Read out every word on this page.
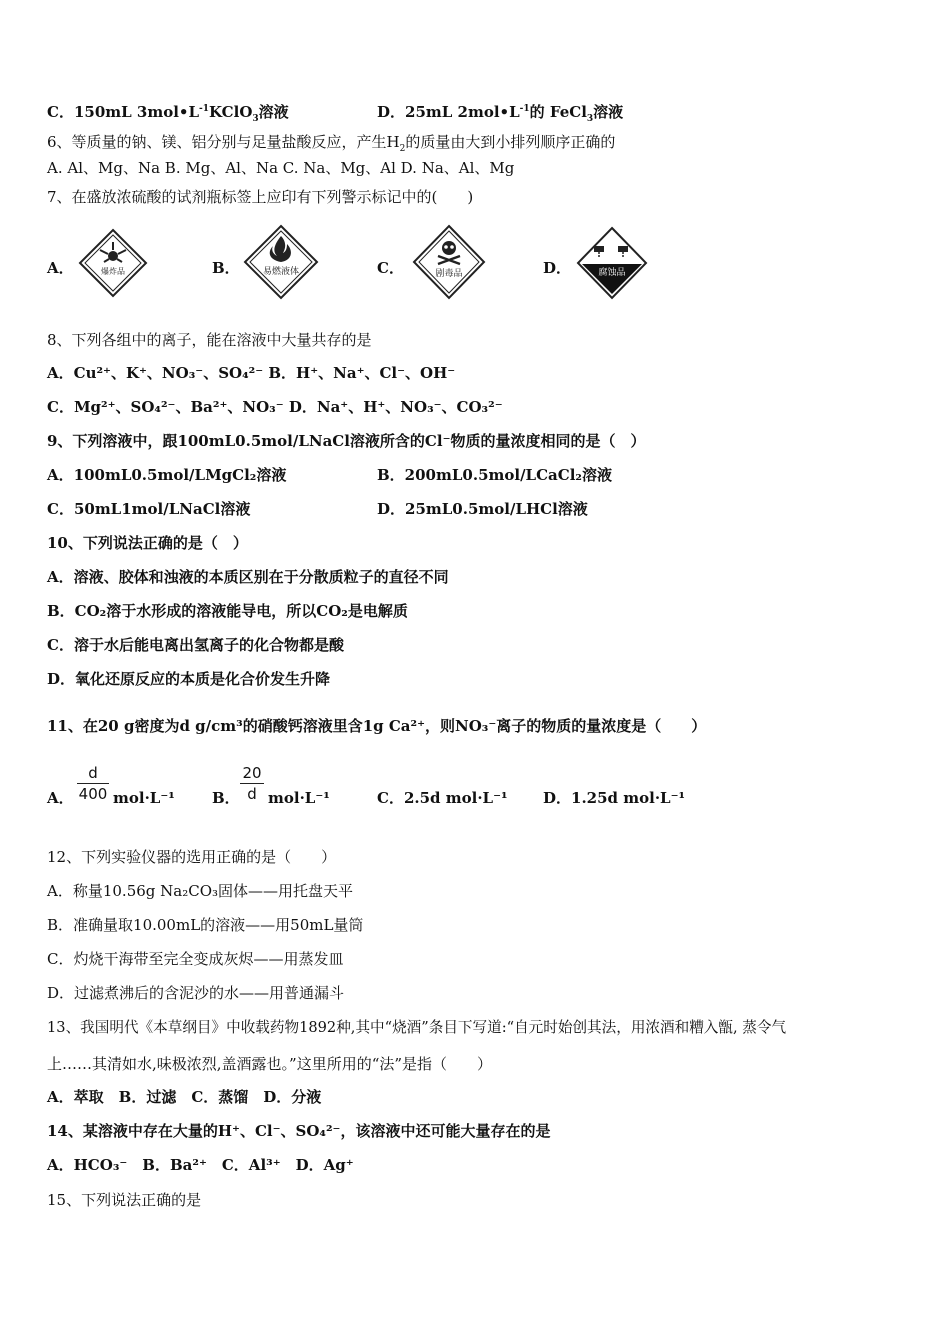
C．150mL $3mol•L^{-1}KClO_3$溶液	D．25mL $2mol•L^{-1}$的 FeCl$_3$溶液
6、等质量的钠、镁、铝分别与足量盐酸反应，产生$H_2$的质量由大到小排列顺序正确的
A. Al、Mg、Na B. Mg、Al、Na C. Na、Mg、Al D. Na、Al、Mg
7、在盛放浓硫酸的试剂瓶标签上应印有下列警示标记中的(　　)
A．	爆炸品	B．	易燃液体	C．	剧毒品	D．	腐蚀品
8、下列各组中的离子，能在溶液中大量共存的是
A．Cu²⁺、K⁺、NO₃⁻、SO₄²⁻ B．H⁺、Na⁺、Cl⁻、OH⁻
C．Mg²⁺、SO₄²⁻、Ba²⁺、NO₃⁻ D．Na⁺、H⁺、NO₃⁻、CO₃²⁻
9、下列溶液中，跟100mL0.5mol/LNaCl溶液所含的Cl⁻物质的量浓度相同的是（　）
A．100mL0.5mol/LMgCl₂溶液	B．200mL0.5mol/LCaCl₂溶液
C．50mL1mol/LNaCl溶液	D．25mL0.5mol/LHCl溶液
10、下列说法正确的是（　）
A．溶液、胶体和浊液的本质区别在于分散质粒子的直径不同
B．CO₂溶于水形成的溶液能导电，所以CO₂是电解质
C．溶于水后能电离出氢离子的化合物都是酸
D．氧化还原反应的本质是化合价发生升降
11、在20 g密度为d g/cm³的硝酸钙溶液里含1g Ca²⁺，则NO₃⁻离子的物质的量浓度是（　　）
A．
d
400 mol·L⁻¹ B．
20
d mol·L⁻¹	C．2.5d mol·L⁻¹ D．1.25d mol·L⁻¹
12、下列实验仪器的选用正确的是（　　）
A．称量10.56g Na₂CO₃固体——用托盘天平
B．准确量取10.00mL的溶液——用50mL量筒
C．灼烧干海带至完全变成灰烬——用蒸发皿
D．过滤煮沸后的含泥沙的水——用普通漏斗
13、我国明代《本草纲目》中收载药物1892种,其中“烧酒”条目下写道:“自元时始创其法，用浓酒和糟入甑, 蒸令气
上……其清如水,味极浓烈,盖酒露也。”这里所用的“法”是指（　　）
A．萃取　B．过滤　C．蒸馏　D．分液
14、某溶液中存在大量的H⁺、Cl⁻、SO₄²⁻，该溶液中还可能大量存在的是
A．HCO₃⁻　B．Ba²⁺　C．Al³⁺　D．Ag⁺
15、下列说法正确的是
